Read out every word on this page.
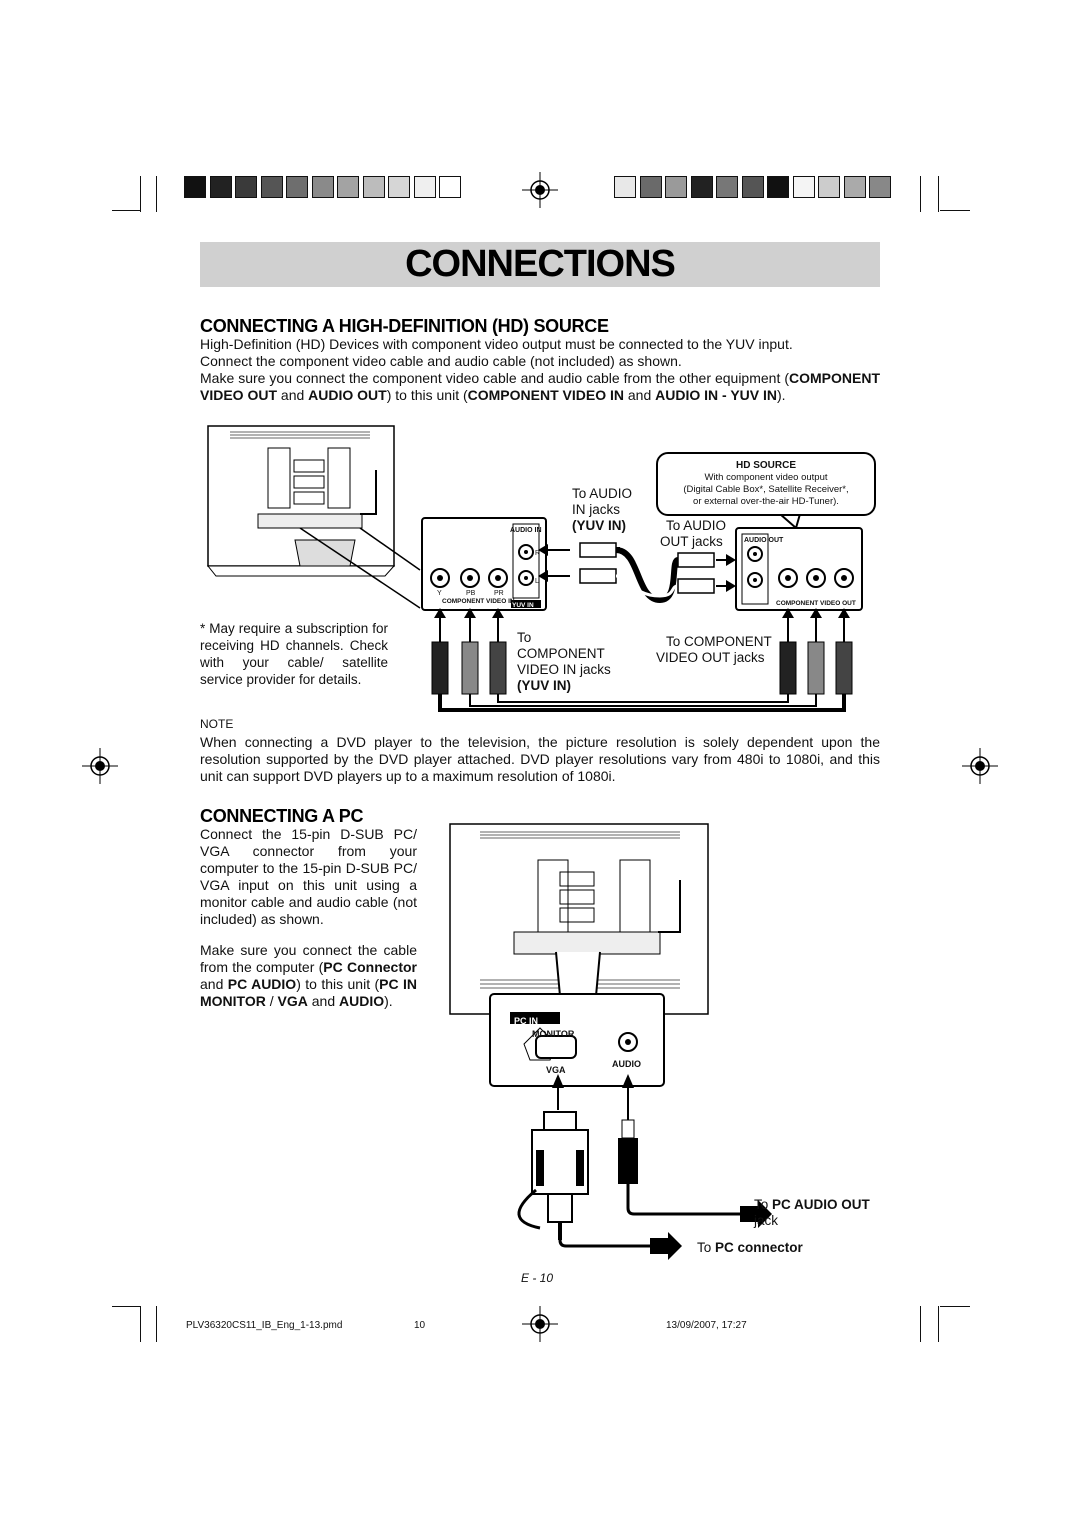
CONNECTIONS
CONNECTING A HIGH-DEFINITION (HD) SOURCE

High-Definition (HD) Devices with component video output must be connected to the YUV input.

Connect the component video cable and audio cable (not included) as shown.

Make sure you connect the component video cable and audio cable from the other equipment (COMPONENT VIDEO OUT and AUDIO OUT) to this unit (COMPONENT VIDEO IN and AUDIO IN - YUV IN).

AUDIO IN
COMPONENT VIDEO IN
YUV IN
AUDIO OUT
COMPONENT VIDEO OUT
Y	PB	PR
R
L
HD SOURCE
With component video output
(Digital Cable Box*, Satellite Receiver*,
or external over-the-air HD-Tuner).
To AUDIO
IN jacks
(YUV IN)	To AUDIO
OUT jacks
To
COMPONENT
VIDEO IN jacks
(YUV IN)
To COMPONENT
VIDEO OUT jacks

* May require a subscription for receiving HD channels. Check with your cable/ satellite service provider for details.

NOTE

When connecting a DVD player to the television, the picture resolution is solely dependent upon the resolution supported by the DVD player attached. DVD player resolutions vary from 480i to 1080i, and this unit can support DVD players up to a maximum resolution of 1080i.

CONNECTING A PC

Connect the 15-pin D-SUB PC/ VGA connector from your computer to the 15-pin D-SUB PC/ VGA input on this unit using a monitor cable and audio cable (not included) as shown.

Make sure you connect the cable from the computer (PC Connector and PC AUDIO) to this unit (PC IN MONITOR / VGA and AUDIO).

PC IN
MONITOR
VGA
AUDIO
To PC AUDIO OUT
jack
To PC connector
E - 10
PLV36320CS11_IB_Eng_1-13.pmd	10	13/09/2007, 17:27
